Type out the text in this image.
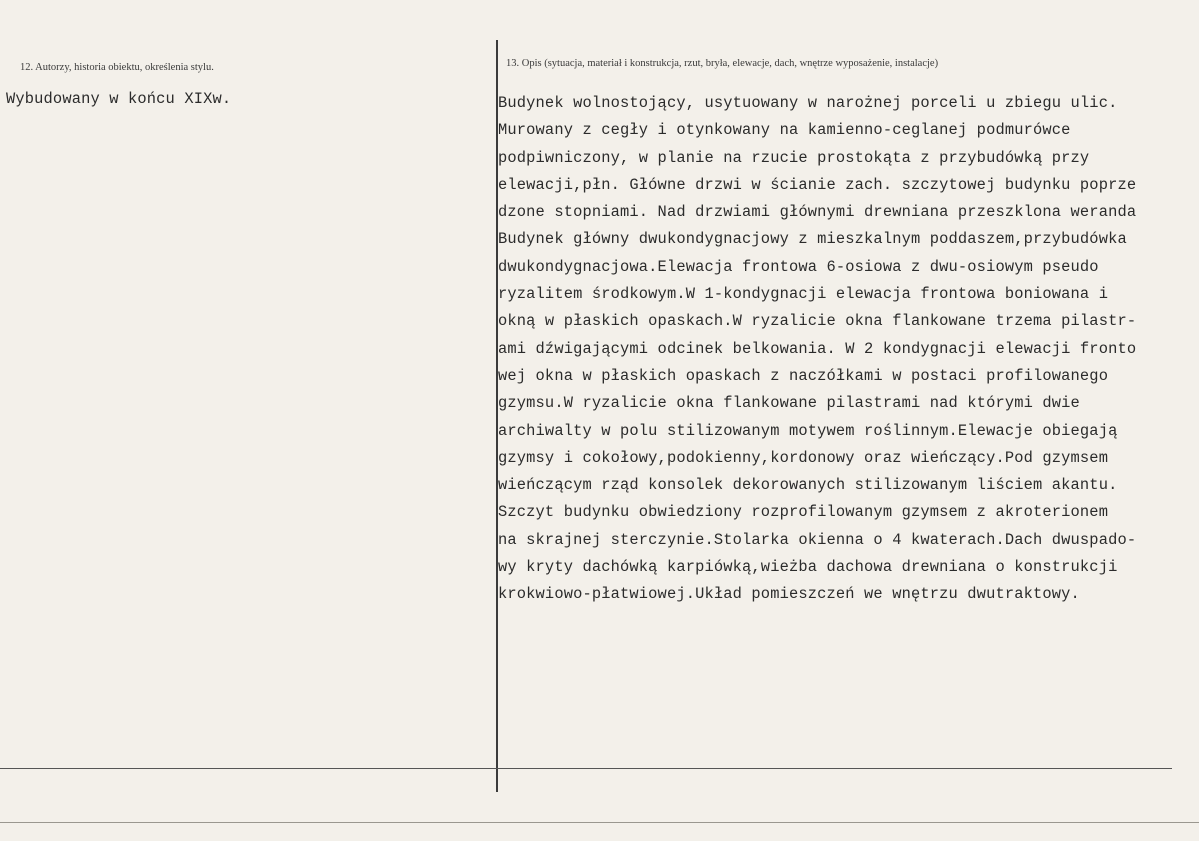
12. Autorzy, historia obiektu, określenia stylu.
Wybudowany w końcu XIXw.
13. Opis (sytuacja, materiał i konstrukcja, rzut, bryła, elewacje, dach, wnętrze wyposażenie, instalacje)
Budynek wolnostojący, usytuowany w narożnej porceli u zbiegu ulic.
Murowany z cegły i otynkowany na kamienno-ceglanej podmurówce
podpiwniczony, w planie na rzucie prostokąta z przybudówką przy
elewacji,płn. Główne drzwi w ścianie zach. szczytowej budynku poprze
dzone stopniami. Nad drzwiami głównymi drewniana przeszklona weranda
Budynek główny dwukondygnacjowy z mieszkalnym poddaszem,przybudówka
dwukondygnacjowa.Elewacja frontowa 6-osiowa z dwu-osiowym pseudo
ryzalitem środkowym.W 1-kondygnacji elewacja frontowa boniowana i
okną w płaskich opaskach.W ryzalicie okna flankowane trzema pilastr-
ami dźwigającymi odcinek belkowania. W 2 kondygnacji elewacji fronto
wej okna w płaskich opaskach z naczółkami w postaci profilowanego
gzymsu.W ryzalicie okna flankowane pilastrami nad którymi dwie
archiwalty w polu stilizowanym motywem roślinnym.Elewacje obiegają
gzymsy i cokołowy,podokienny,kordonowy oraz wieńczący.Pod gzymsem
wieńczącym rząd konsolek dekorowanych stilizowanym liściem akantu.
Szczyt budynku obwiedziony rozprofilowanym gzymsem z akroterionem
na skrajnej sterczynie.Stolarka okienna o 4 kwaterach.Dach dwuspado-
wy kryty dachówką karpiówką,wieżba dachowa drewniana o konstrukcji
krokwiowo-płatwiowej.Układ pomieszczeń we wnętrzu dwutraktowy.
